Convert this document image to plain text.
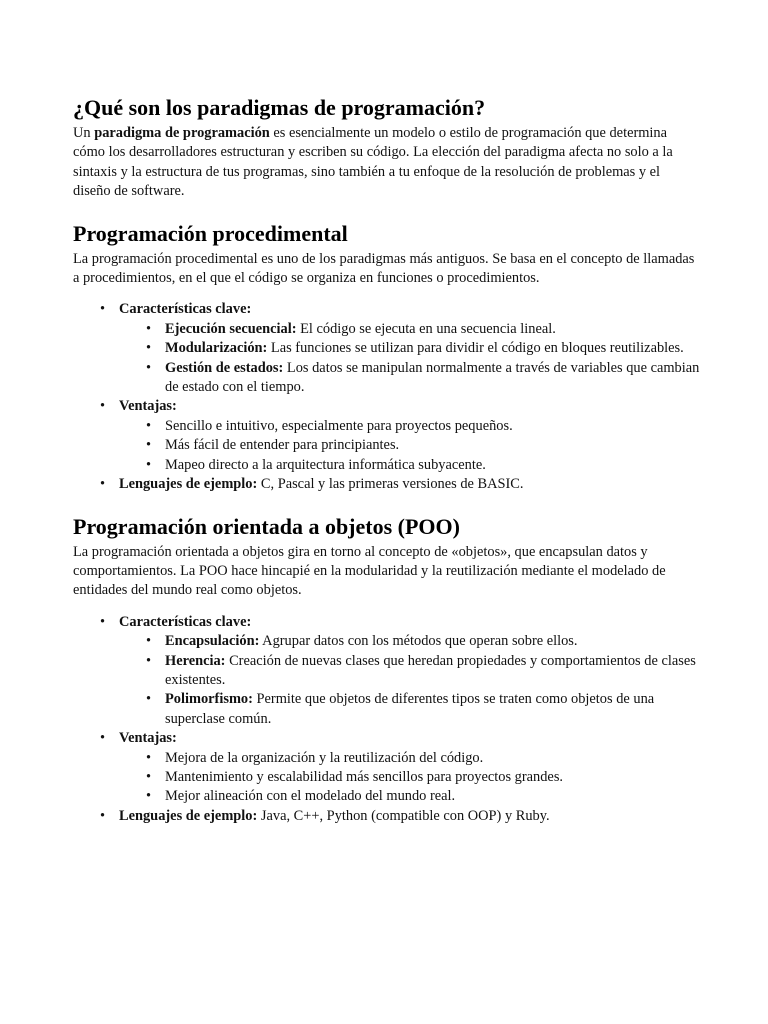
¿Qué son los paradigmas de programación?

Un paradigma de programación es esencialmente un modelo o estilo de programación que determina cómo los desarrolladores estructuran y escriben su código. La elección del paradigma afecta no solo a la sintaxis y la estructura de tus programas, sino también a tu enfoque de la resolución de problemas y el diseño de software.

Programación procedimental

La programación procedimental es uno de los paradigmas más antiguos. Se basa en el concepto de llamadas a procedimientos, en el que el código se organiza en funciones o procedimientos.

• Características clave:
• Ejecución secuencial: El código se ejecuta en una secuencia lineal.
• Modularización: Las funciones se utilizan para dividir el código en bloques reutilizables.
• Gestión de estados: Los datos se manipulan normalmente a través de variables que cambian de estado con el tiempo.
• Ventajas:
• Sencillo e intuitivo, especialmente para proyectos pequeños.
• Más fácil de entender para principiantes.
• Mapeo directo a la arquitectura informática subyacente.
• Lenguajes de ejemplo: C, Pascal y las primeras versiones de BASIC.
Programación orientada a objetos (POO)

La programación orientada a objetos gira en torno al concepto de «objetos», que encapsulan datos y comportamientos. La POO hace hincapié en la modularidad y la reutilización mediante el modelado de entidades del mundo real como objetos.

• Características clave:
• Encapsulación: Agrupar datos con los métodos que operan sobre ellos.
• Herencia: Creación de nuevas clases que heredan propiedades y comportamientos de clases existentes.
• Polimorfismo: Permite que objetos de diferentes tipos se traten como objetos de una superclase común.
• Ventajas:
• Mejora de la organización y la reutilización del código.
• Mantenimiento y escalabilidad más sencillos para proyectos grandes.
• Mejor alineación con el modelado del mundo real.
• Lenguajes de ejemplo: Java, C++, Python (compatible con OOP) y Ruby.
